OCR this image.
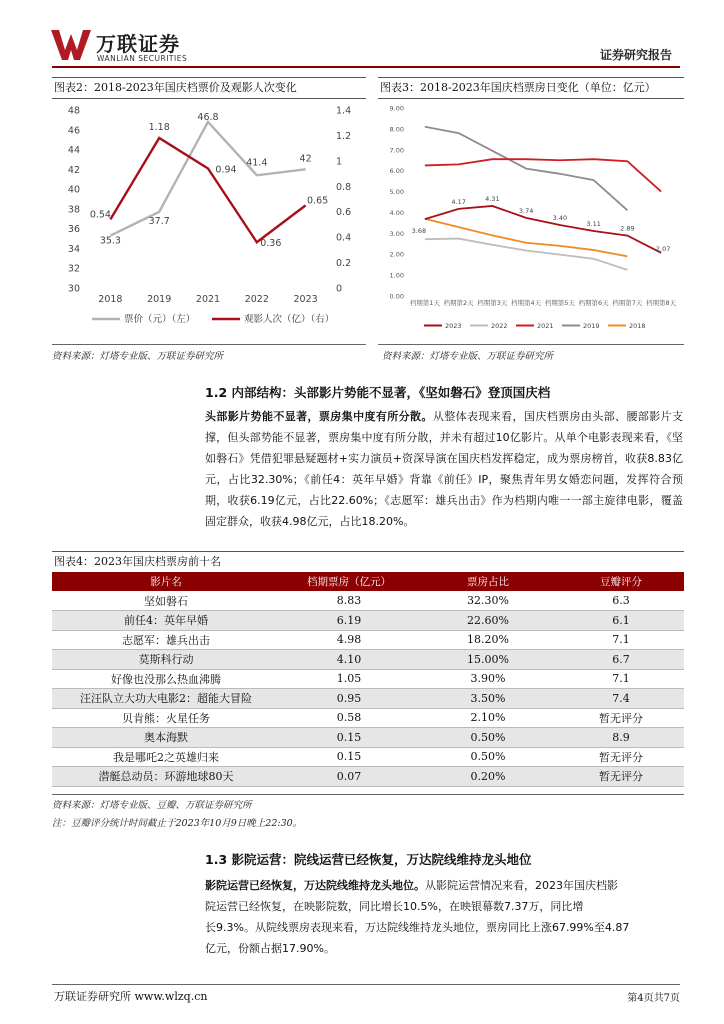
万联证券
WANLIAN SECURITIES	证券研究报告
图表2：2018-2023年国庆档票价及观影人次变化
30
32
34
36
38
40
42
44
46
48
0
0.2
0.4
0.6
0.8
1
1.2
1.4
2018	2019	2021	2022	2023
35.3
37.7
46.8
41.4	42
0.54
1.18
0.94
0.36
0.65
票价（元）（左）	观影人次（亿）（右）
资料来源：灯塔专业版、万联证券研究所
图表3：2018-2023年国庆档票房日变化（单位：亿元）
0.00
1.00
2.00
3.00
4.00
5.00
6.00
7.00
8.00
9.00
档期第1天 档期第2天 档期第3天 档期第4天 档期第5天 档期第6天 档期第7天 档期第8天
3.68
4.17	4.31
3.74
3.40
3.11
2.89
2.07
2023	2022	2021	2019	2018
资料来源：灯塔专业版、万联证券研究所
1.2 内部结构：头部影片势能不显著，《坚如磐石》登顶国庆档
头部影片势能不显著，票房集中度有所分散。从整体表现来看，国庆档票房由头部、腰部影片支撑，但头部势能不显著，票房集中度有所分散，并未有超过10亿影片。从单个电影表现来看，《坚如磐石》凭借犯罪悬疑题材+实力演员+资深导演在国庆档发挥稳定，成为票房榜首，收获8.83亿元，占比32.30%；《前任4：英年早婚》背靠《前任》IP，聚焦青年男女婚恋问题，发挥符合预期，收获6.19亿元，占比22.60%；《志愿军：雄兵出击》作为档期内唯一一部主旋律电影，覆盖固定群众，收获4.98亿元，占比18.20%。
图表4：2023年国庆档票房前十名
影片名	档期票房（亿元）	票房占比	豆瓣评分
坚如磐石	8.83	32.30%	6.3
前任4：英年早婚	6.19	22.60%	6.1
志愿军：雄兵出击	4.98	18.20%	7.1
莫斯科行动	4.10	15.00%	6.7
好像也没那么热血沸腾	1.05	3.90%	7.1
汪汪队立大功大电影2：超能大冒险	0.95	3.50%	7.4
贝肯熊：火星任务	0.58	2.10%	暂无评分
奥本海默	0.15	0.50%	8.9
我是哪吒2之英雄归来	0.15	0.50%	暂无评分
潜艇总动员：环游地球80天	0.07	0.20%	暂无评分
资料来源：灯塔专业版、豆瓣、万联证券研究所
注：豆瓣评分统计时间截止于2023年10月9日晚上22:30。
1.3 影院运营：院线运营已经恢复，万达院线维持龙头地位
影院运营已经恢复，万达院线维持龙头地位。从影院运营情况来看，2023年国庆档影
院运营已经恢复，在映影院数，同比增长10.5%，在映银幕数7.37万，同比增
长9.3%。从院线票房表现来看，万达院线维持龙头地位，票房同比上涨67.99%至4.87
亿元，份额占据17.90%。
万联证券研究所 www.wlzq.cn	第4页共7页
